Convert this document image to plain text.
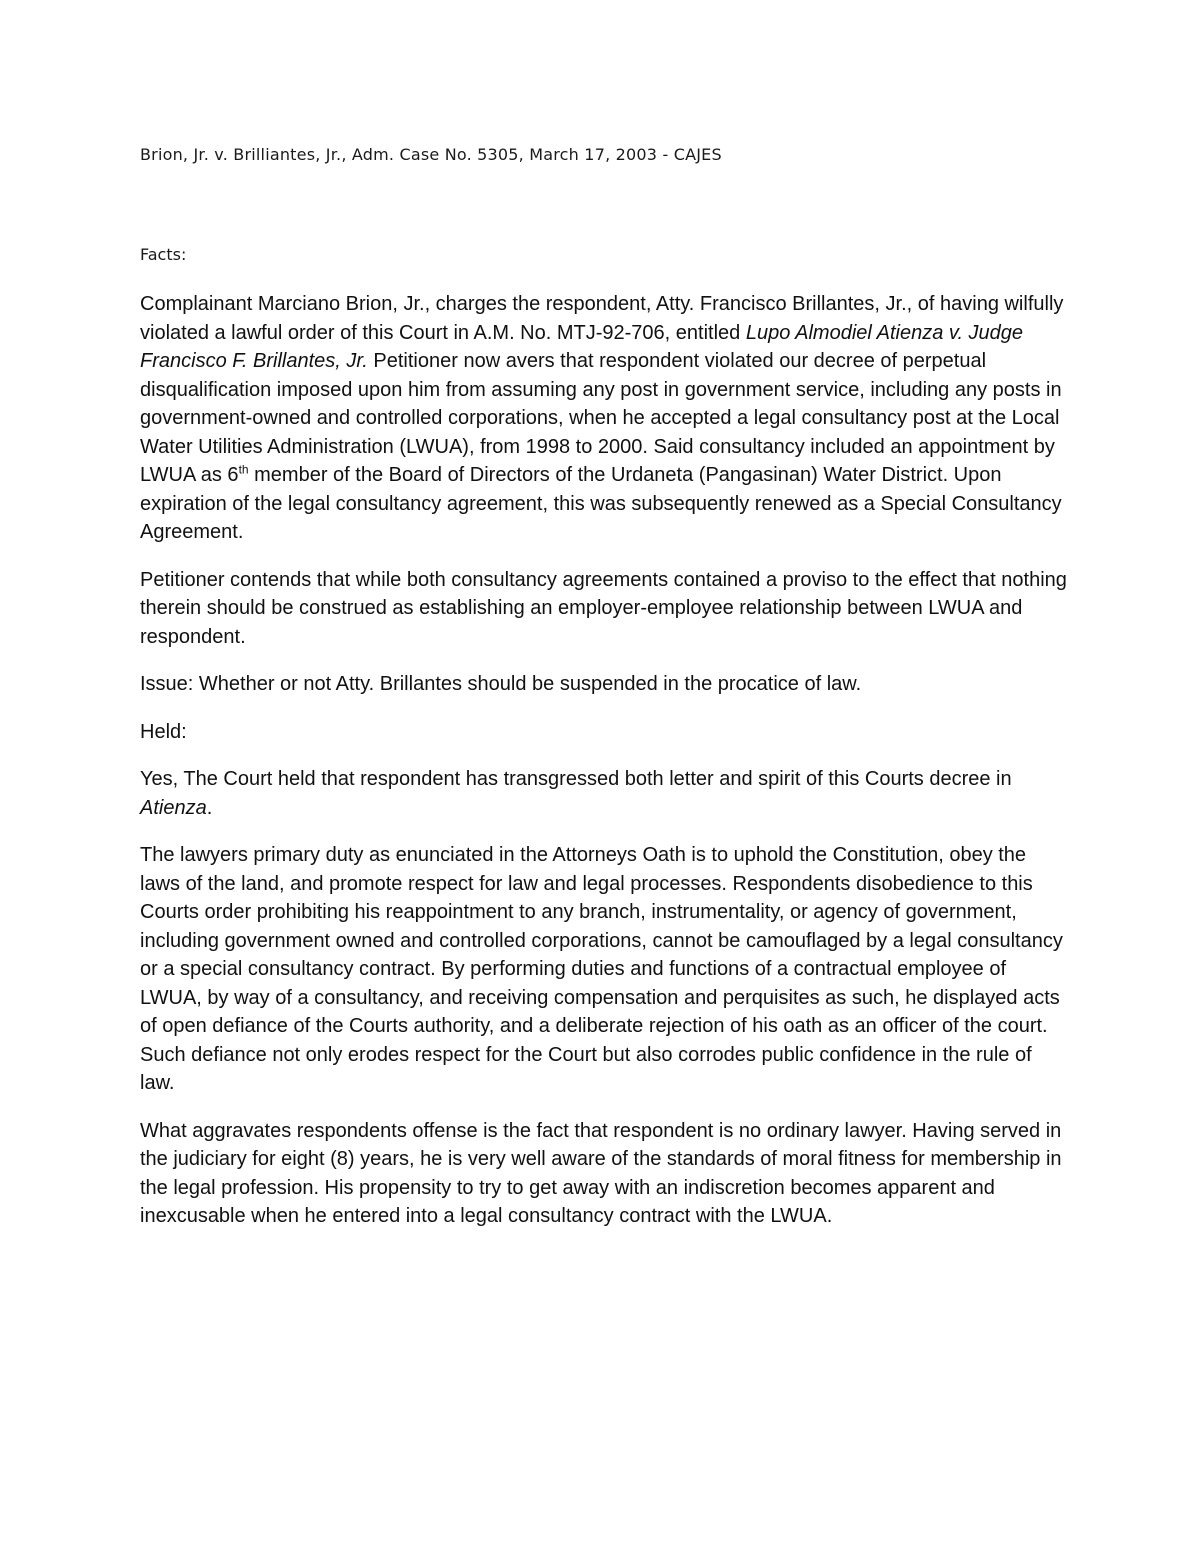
Brion, Jr. v. Brilliantes, Jr., Adm. Case No. 5305, March 17, 2003 - CAJES
Facts:

Complainant Marciano Brion, Jr., charges the respondent, Atty. Francisco Brillantes, Jr., of having wilfully violated a lawful order of this Court in A.M. No. MTJ-92-706, entitled Lupo Almodiel Atienza v. Judge Francisco F. Brillantes, Jr. Petitioner now avers that respondent violated our decree of perpetual disqualification imposed upon him from assuming any post in government service, including any posts in government-owned and controlled corporations, when he accepted a legal consultancy post at the Local Water Utilities Administration (LWUA), from 1998 to 2000. Said consultancy included an appointment by LWUA as 6th member of the Board of Directors of the Urdaneta (Pangasinan) Water District. Upon expiration of the legal consultancy agreement, this was subsequently renewed as a Special Consultancy Agreement.

Petitioner contends that while both consultancy agreements contained a proviso to the effect that nothing therein should be construed as establishing an employer-employee relationship between LWUA and respondent.

Issue: Whether or not Atty. Brillantes should be suspended in the procatice of law.

Held:

Yes, The Court held that respondent has transgressed both letter and spirit of this Courts decree in Atienza.

The lawyers primary duty as enunciated in the Attorneys Oath is to uphold the Constitution, obey the laws of the land, and promote respect for law and legal processes. Respondents disobedience to this Courts order prohibiting his reappointment to any branch, instrumentality, or agency of government, including government owned and controlled corporations, cannot be camouflaged by a legal consultancy or a special consultancy contract. By performing duties and functions of a contractual employee of LWUA, by way of a consultancy, and receiving compensation and perquisites as such, he displayed acts of open defiance of the Courts authority, and a deliberate rejection of his oath as an officer of the court. Such defiance not only erodes respect for the Court but also corrodes public confidence in the rule of law.

What aggravates respondents offense is the fact that respondent is no ordinary lawyer. Having served in the judiciary for eight (8) years, he is very well aware of the standards of moral fitness for membership in the legal profession. His propensity to try to get away with an indiscretion becomes apparent and inexcusable when he entered into a legal consultancy contract with the LWUA.
